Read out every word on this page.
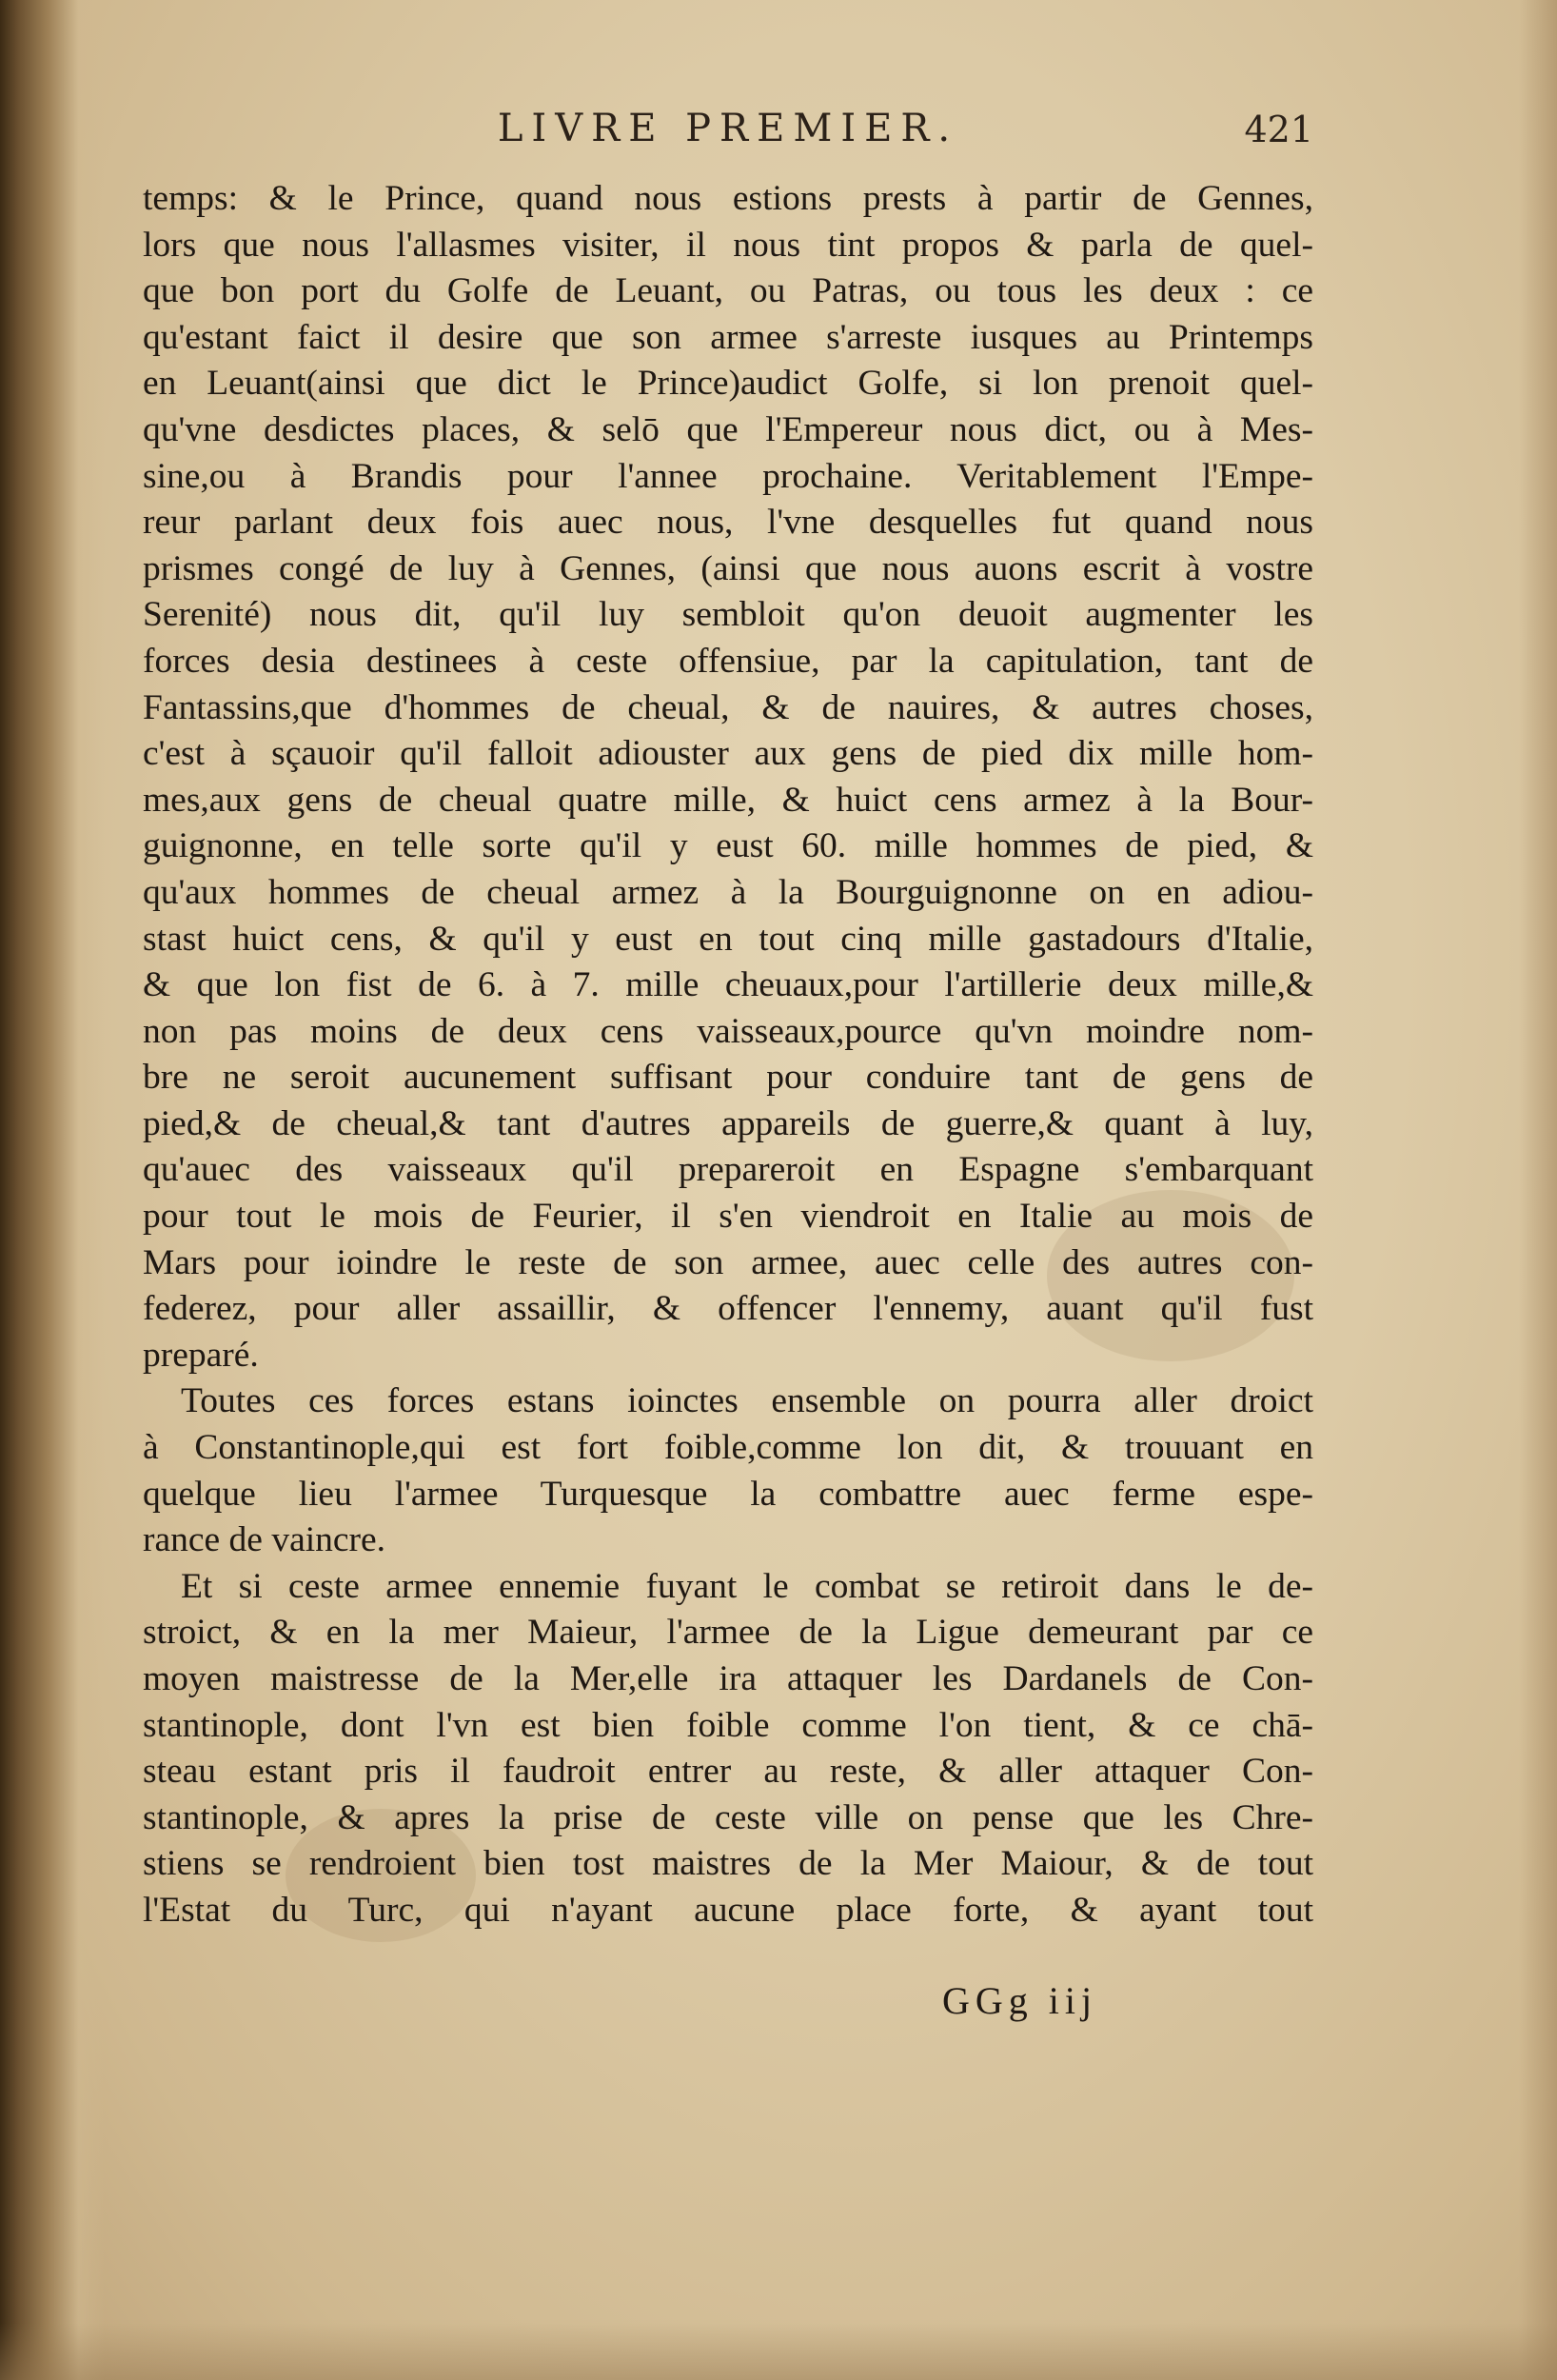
LIVRE PREMIER.	421
temps: & le Prince, quand nous estions prests à partir de Gennes,
lors que nous l'allasmes visiter, il nous tint propos & parla de quel-
que bon port du Golfe de Leuant, ou Patras, ou tous les deux : ce
qu'estant faict il desire que son armee s'arreste iusques au Printemps
en Leuant(ainsi que dict le Prince)audict Golfe, si lon prenoit quel-
qu'vne desdictes places, & selō que l'Empereur nous dict, ou à Mes-
sine,ou à Brandis pour l'annee prochaine. Veritablement l'Empe-
reur parlant deux fois auec nous, l'vne desquelles fut quand nous
prismes congé de luy à Gennes, (ainsi que nous auons escrit à vostre
Serenité) nous dit, qu'il luy sembloit qu'on deuoit augmenter les
forces desia destinees à ceste offensiue, par la capitulation, tant de
Fantassins,que d'hommes de cheual, & de nauires, & autres choses,
c'est à sçauoir qu'il falloit adiouster aux gens de pied dix mille hom-
mes,aux gens de cheual quatre mille, & huict cens armez à la Bour-
guignonne, en telle sorte qu'il y eust 60. mille hommes de pied, &
qu'aux hommes de cheual armez à la Bourguignonne on en adiou-
stast huict cens, & qu'il y eust en tout cinq mille gastadours d'Italie,
& que lon fist de 6. à 7. mille cheuaux,pour l'artillerie deux mille,&
non pas moins de deux cens vaisseaux,pource qu'vn moindre nom-
bre ne seroit aucunement suffisant pour conduire tant de gens de
pied,& de cheual,& tant d'autres appareils de guerre,& quant à luy,
qu'auec des vaisseaux qu'il prepareroit en Espagne s'embarquant
pour tout le mois de Feurier, il s'en viendroit en Italie au mois de
Mars pour ioindre le reste de son armee, auec celle des autres con-
federez, pour aller assaillir, & offencer l'ennemy, auant qu'il fust
preparé.
Toutes ces forces estans ioinctes ensemble on pourra aller droict
à Constantinople,qui est fort foible,comme lon dit, & trouuant en
quelque lieu l'armee Turquesque la combattre auec ferme espe-
rance de vaincre.
Et si ceste armee ennemie fuyant le combat se retiroit dans le de-
stroict, & en la mer Maieur, l'armee de la Ligue demeurant par ce
moyen maistresse de la Mer,elle ira attaquer les Dardanels de Con-
stantinople, dont l'vn est bien foible comme l'on tient, & ce chā-
steau estant pris il faudroit entrer au reste, & aller attaquer Con-
stantinople, & apres la prise de ceste ville on pense que les Chre-
stiens se rendroient bien tost maistres de la Mer Maiour, & de tout
l'Estat du Turc, qui n'ayant aucune place forte, & ayant tout
GGg iij
